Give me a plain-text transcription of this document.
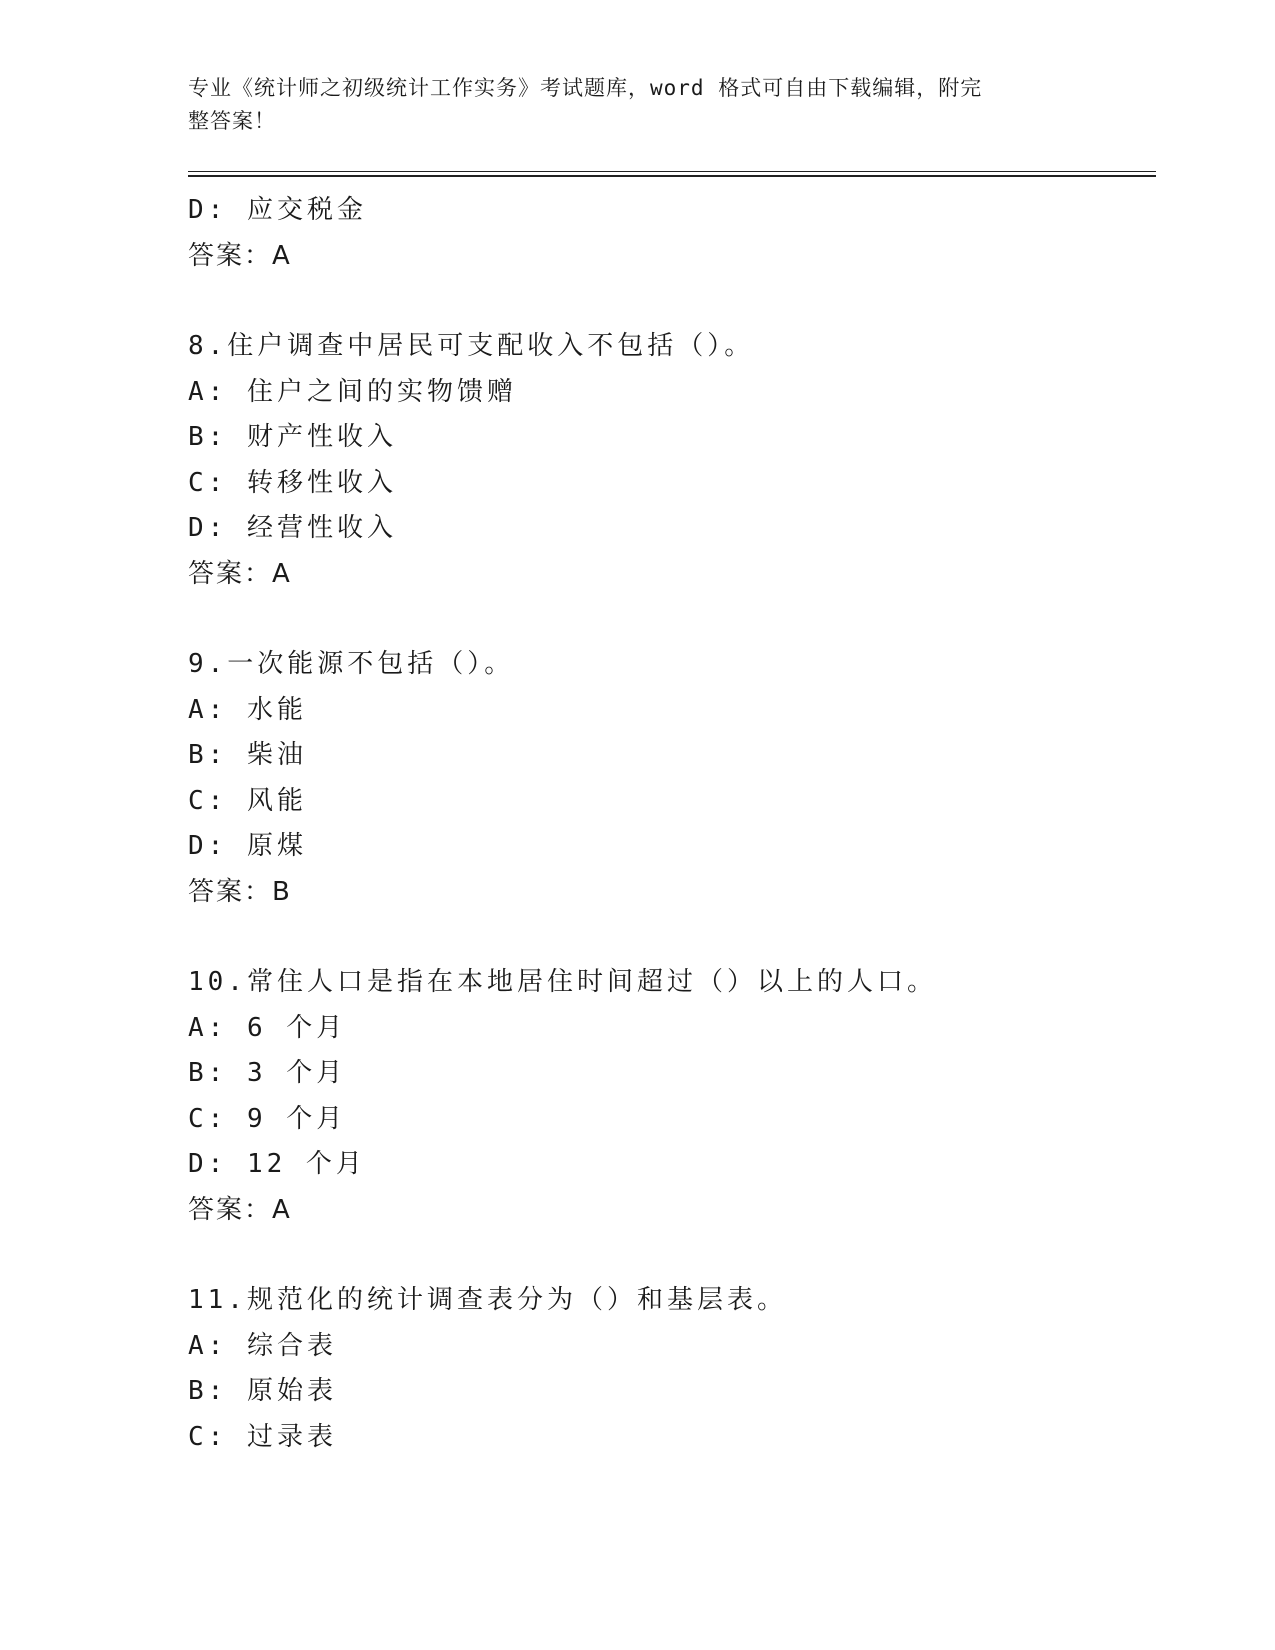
专业《统计师之初级统计工作实务》考试题库，word 格式可自由下载编辑，附完
整答案！
D: 应交税金
答案：A
8.住户调查中居民可支配收入不包括（）。
A: 住户之间的实物馈赠
B: 财产性收入
C: 转移性收入
D: 经营性收入
答案：A
9.一次能源不包括（）。
A: 水能
B: 柴油
C: 风能
D: 原煤
答案：B
10.常住人口是指在本地居住时间超过（）以上的人口。
A: 6 个月
B: 3 个月
C: 9 个月
D: 12 个月
答案：A
11.规范化的统计调查表分为（）和基层表。
A: 综合表
B: 原始表
C: 过录表
